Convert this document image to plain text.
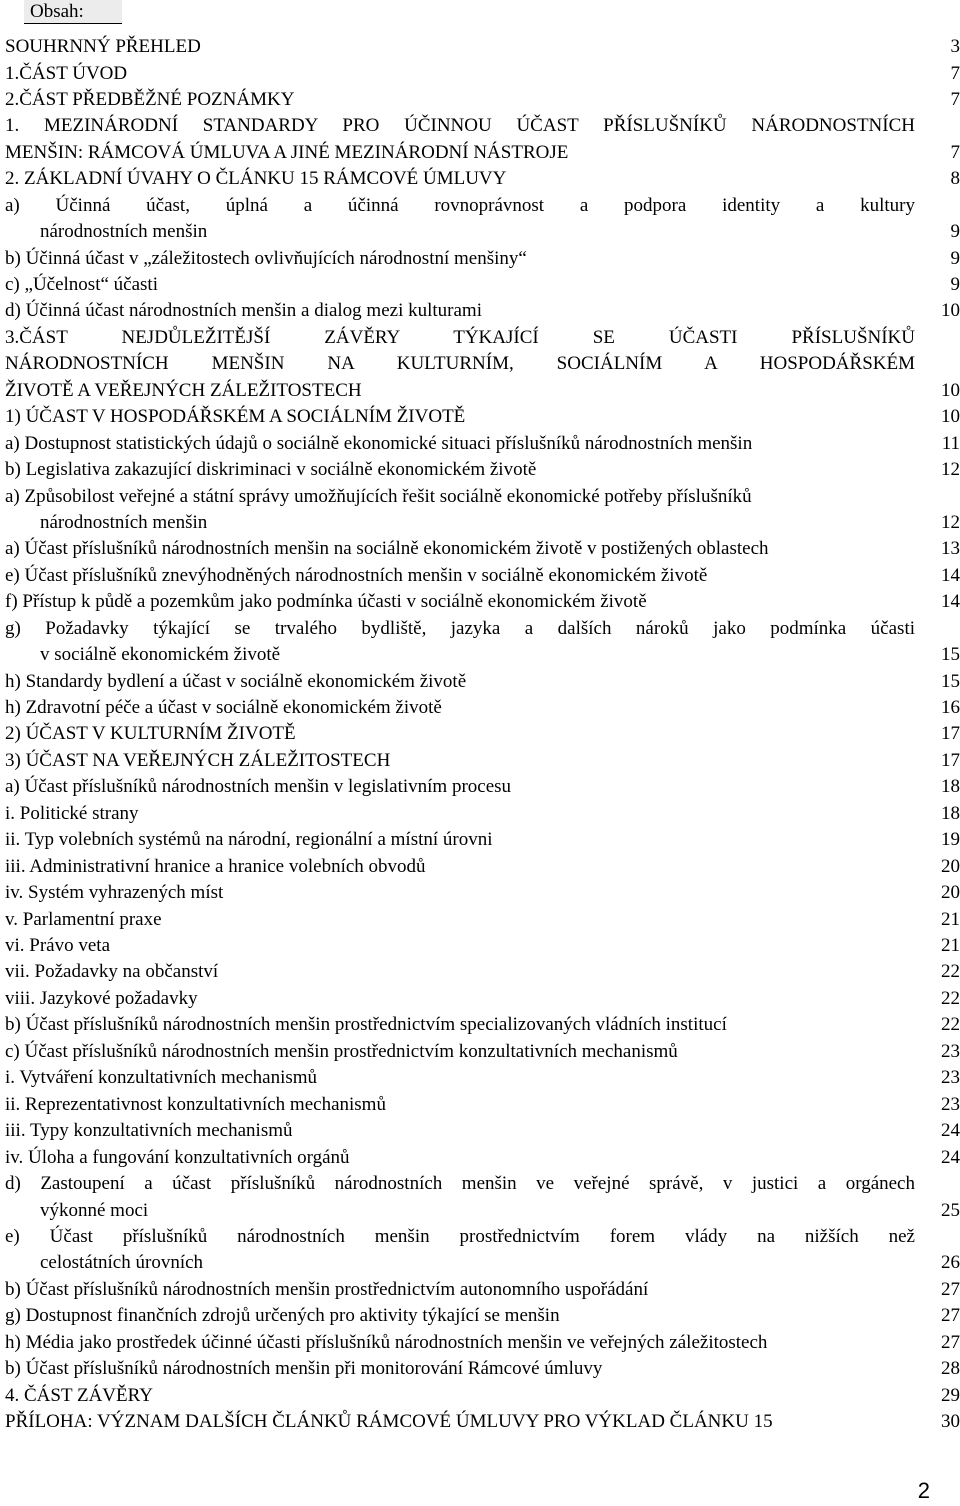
Obsah:
SOUHRNNÝ PŘEHLED	3
1.ČÁST ÚVOD	7
2.ČÁST PŘEDBĚŽNÉ POZNÁMKY	7
1. MEZINÁRODNÍ STANDARDY PRO ÚČINNOU ÚČAST PŘÍSLUŠNÍKŮ NÁRODNOSTNÍCH
MENŠIN: RÁMCOVÁ ÚMLUVA A JINÉ MEZINÁRODNÍ NÁSTROJE	7
2. ZÁKLADNÍ ÚVAHY O ČLÁNKU 15 RÁMCOVÉ ÚMLUVY	8
a) Účinná účast, úplná a účinná rovnoprávnost a podpora identity a kultury
národnostních menšin	9
b) Účinná účast v „záležitostech ovlivňujících národnostní menšiny“	9
c) „Účelnost“ účasti	9
d) Účinná účast národnostních menšin a dialog mezi kulturami	10
3.ČÁST NEJDŮLEŽITĚJŠÍ ZÁVĚRY TÝKAJÍCÍ SE ÚČASTI PŘÍSLUŠNÍKŮ
NÁRODNOSTNÍCH MENŠIN NA KULTURNÍM, SOCIÁLNÍM A HOSPODÁŘSKÉM
ŽIVOTĚ A VEŘEJNÝCH ZÁLEŽITOSTECH	10
1) ÚČAST V HOSPODÁŘSKÉM A SOCIÁLNÍM ŽIVOTĚ	10
a) Dostupnost statistických údajů o sociálně ekonomické situaci příslušníků národnostních menšin	11
b) Legislativa zakazující diskriminaci v sociálně ekonomickém životě	12
a) Způsobilost veřejné a státní správy umožňujících řešit sociálně ekonomické potřeby příslušníků
národnostních menšin	12
a) Účast příslušníků národnostních menšin na sociálně ekonomickém životě v postižených oblastech	13
e) Účast příslušníků znevýhodněných národnostních menšin v sociálně ekonomickém životě	14
f) Přístup k půdě a pozemkům jako podmínka účasti v sociálně ekonomickém životě	14
g) Požadavky týkající se trvalého bydliště, jazyka a dalších nároků jako podmínka účasti
v sociálně ekonomickém životě	15
h) Standardy bydlení a účast v sociálně ekonomickém životě	15
h) Zdravotní péče a účast v sociálně ekonomickém životě	16
2) ÚČAST V KULTURNÍM ŽIVOTĚ	17
3) ÚČAST NA VEŘEJNÝCH ZÁLEŽITOSTECH	17
a) Účast příslušníků národnostních menšin v legislativním procesu	18
i. Politické strany	18
ii. Typ volebních systémů na národní, regionální a místní úrovni	19
iii. Administrativní hranice a hranice volebních obvodů	20
iv. Systém vyhrazených míst	20
v. Parlamentní praxe	21
vi. Právo veta	21
vii. Požadavky na občanství	22
viii. Jazykové požadavky	22
b) Účast příslušníků národnostních menšin prostřednictvím specializovaných vládních institucí	22
c) Účast příslušníků národnostních menšin prostřednictvím konzultativních mechanismů	23
i. Vytváření konzultativních mechanismů	23
ii. Reprezentativnost konzultativních mechanismů	23
iii. Typy konzultativních mechanismů	24
iv. Úloha a fungování konzultativních orgánů	24
d) Zastoupení a účast příslušníků národnostních menšin ve veřejné správě, v justici a orgánech
výkonné moci	25
e) Účast příslušníků národnostních menšin prostřednictvím forem vlády na nižších než
celostátních úrovních	26
b) Účast příslušníků národnostních menšin prostřednictvím autonomního uspořádání	27
g) Dostupnost finančních zdrojů určených pro aktivity týkající se menšin	27
h) Média jako prostředek účinné účasti příslušníků národnostních menšin ve veřejných záležitostech	27
b) Účast příslušníků národnostních menšin při monitorování Rámcové úmluvy	28
4. ČÁST ZÁVĚRY	29
PŘÍLOHA: VÝZNAM DALŠÍCH ČLÁNKŮ RÁMCOVÉ ÚMLUVY PRO VÝKLAD ČLÁNKU 15	30
2
